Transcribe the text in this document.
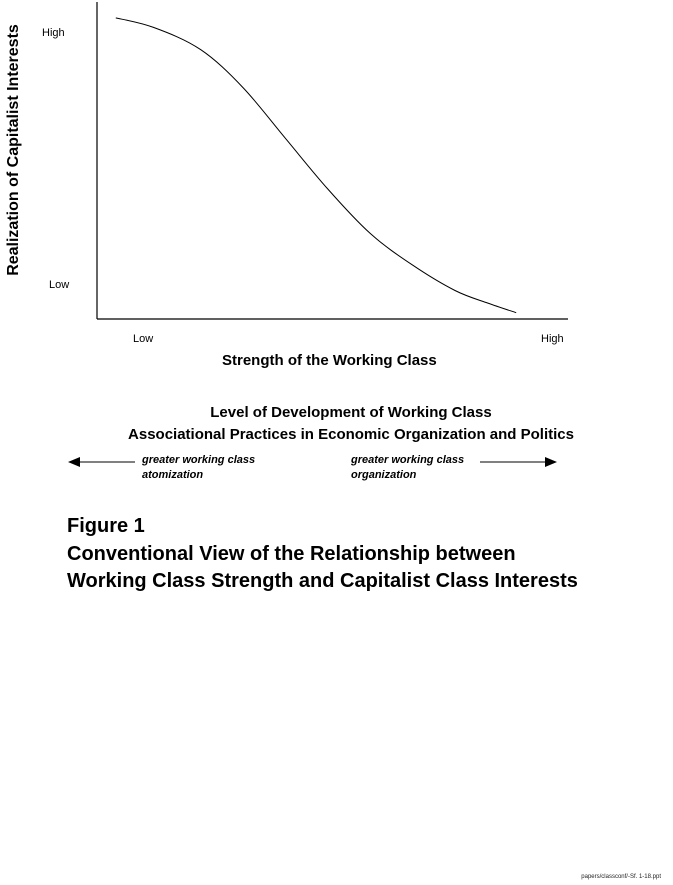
Realization of Capitalist Interests High
Low
Low	High
Strength of the Working Class
Level of Development of Working Class
Associational Practices in Economic Organization and Politics
greater working class
atomization
greater working class
organization
Figure 1
Conventional View of the Relationship between
Working Class Strength and Capitalist Class Interests
papers/classconf/-Sf. 1-18.ppt
